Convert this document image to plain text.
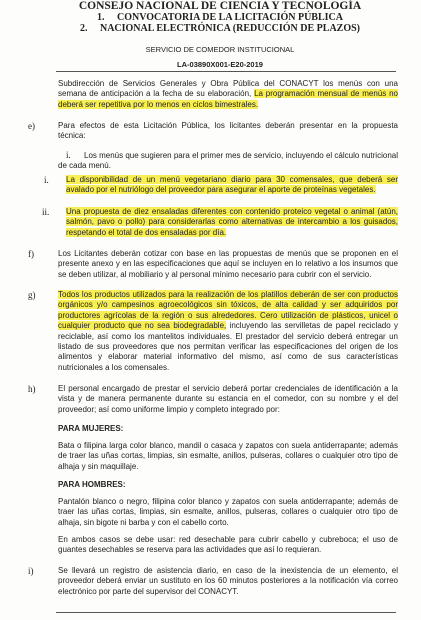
CONSEJO NACIONAL DE CIENCIA Y TECNOLOGÍA
1. CONVOCATORIA DE LA LICITACIÓN PÚBLICA
2. NACIONAL ELECTRÓNICA (REDUCCIÓN DE PLAZOS)
SERVICIO DE COMEDOR INSTITUCIONAL
LA-03890X001-E20-2019
Subdirección de Servicios Generales y Obra Pública del CONACYT los menús con una semana de anticipación a la fecha de su elaboración, La programación mensual de menús no deberá ser repetitiva por lo menos en ciclos bimestrales.
e)	Para efectos de esta Licitación Pública, los licitantes deberán presentar en la propuesta técnica:
i. Los menús que sugieren para el primer mes de servicio, incluyendo el cálculo nutricional de cada menú.
i. La disponibilidad de un menú vegetariano diario para 30 comensales, que deberá ser avalado por el nutriólogo del proveedor para asegurar el aporte de proteínas vegetales.
ii. Una propuesta de diez ensaladas diferentes con contenido proteico vegetal o animal (atún, salmón, pavo o pollo) para considerarlas como alternativas de intercambio a los guisados, respetando el total de dos ensaladas por día.
f)	Los Licitantes deberán cotizar con base en las propuestas de menús que se proponen en el presente anexo y en las especificaciones que aquí se incluyen en lo relativo a los insumos que se deben utilizar, al mobiliario y al personal mínimo necesario para cubrir con el servicio.
g)	Todos los productos utilizados para la realización de los platillos deberán de ser con productos orgánicos y/o campesinos agroecológicos sin tóxicos, de alta calidad y ser adquiridos por productores agrícolas de la región o sus alrededores. Cero utilización de plásticos, unicel o cualquier producto que no sea biodegradable, incluyendo las servilletas de papel reciclado y reciclable, así como los mantelitos individuales. El prestador del servicio deberá entregar un listado de sus proveedores que nos permitan verificar las especificaciones del origen de los alimentos y elaborar material informativo del mismo, así como de sus características nutricionales a los comensales.
h)	El personal encargado de prestar el servicio deberá portar credenciales de identificación a la vista y de manera permanente durante su estancia en el comedor, con su nombre y el del proveedor; así como uniforme limpio y completo integrado por:
PARA MUJERES:
Bata o filipina larga color blanco, mandil o casaca y zapatos con suela antiderrapante; además de traer las uñas cortas, limpias, sin esmalte, anillos, pulseras, collares o cualquier otro tipo de alhaja y sin maquillaje.
PARA HOMBRES:
Pantalón blanco o negro, filipina color blanco y zapatos con suela antiderrapante; además de traer las uñas cortas, limpias, sin esmalte, anillos, pulseras, collares o cualquier otro tipo de alhaja, sin bigote ni barba y con el cabello corto.
En ambos casos se debe usar: red desechable para cubrir cabello y cubreboca; el uso de guantes desechables se reserva para las actividades que así lo requieran.
i)	Se llevará un registro de asistencia diario, en caso de la inexistencia de un elemento, el proveedor deberá enviar un sustituto en los 60 minutos posteriores a la notificación vía correo electrónico por parte del supervisor del CONACYT.
